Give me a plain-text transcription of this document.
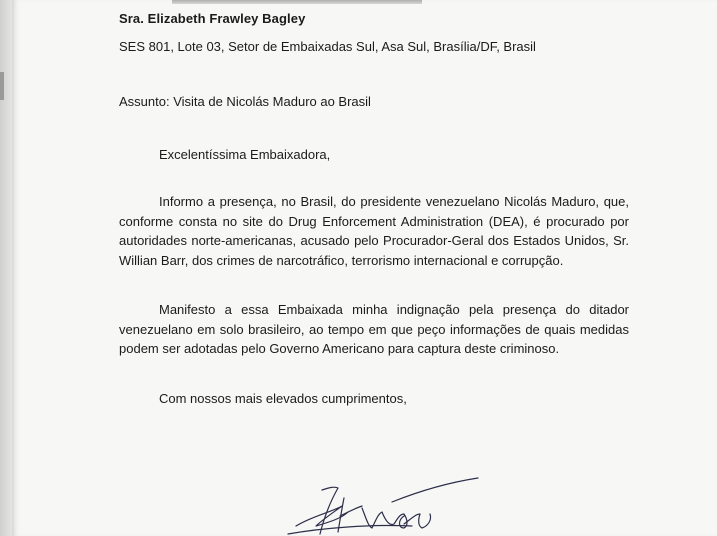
Sra. Elizabeth Frawley Bagley
SES 801, Lote 03, Setor de Embaixadas Sul, Asa Sul, Brasília/DF, Brasil
Assunto: Visita de Nicolás Maduro ao Brasil
Excelentíssima Embaixadora,
Informo a presença, no Brasil, do presidente venezuelano Nicolás Maduro, que, conforme consta no site do Drug Enforcement Administration (DEA), é procurado por autoridades norte-americanas, acusado pelo Procurador-Geral dos Estados Unidos, Sr. Willian Barr, dos crimes de narcotráfico, terrorismo internacional e corrupção.
Manifesto a essa Embaixada minha indignação pela presença do ditador venezuelano em solo brasileiro, ao tempo em que peço informações de quais medidas podem ser adotadas pelo Governo Americano para captura deste criminoso.
Com nossos mais elevados cumprimentos,
